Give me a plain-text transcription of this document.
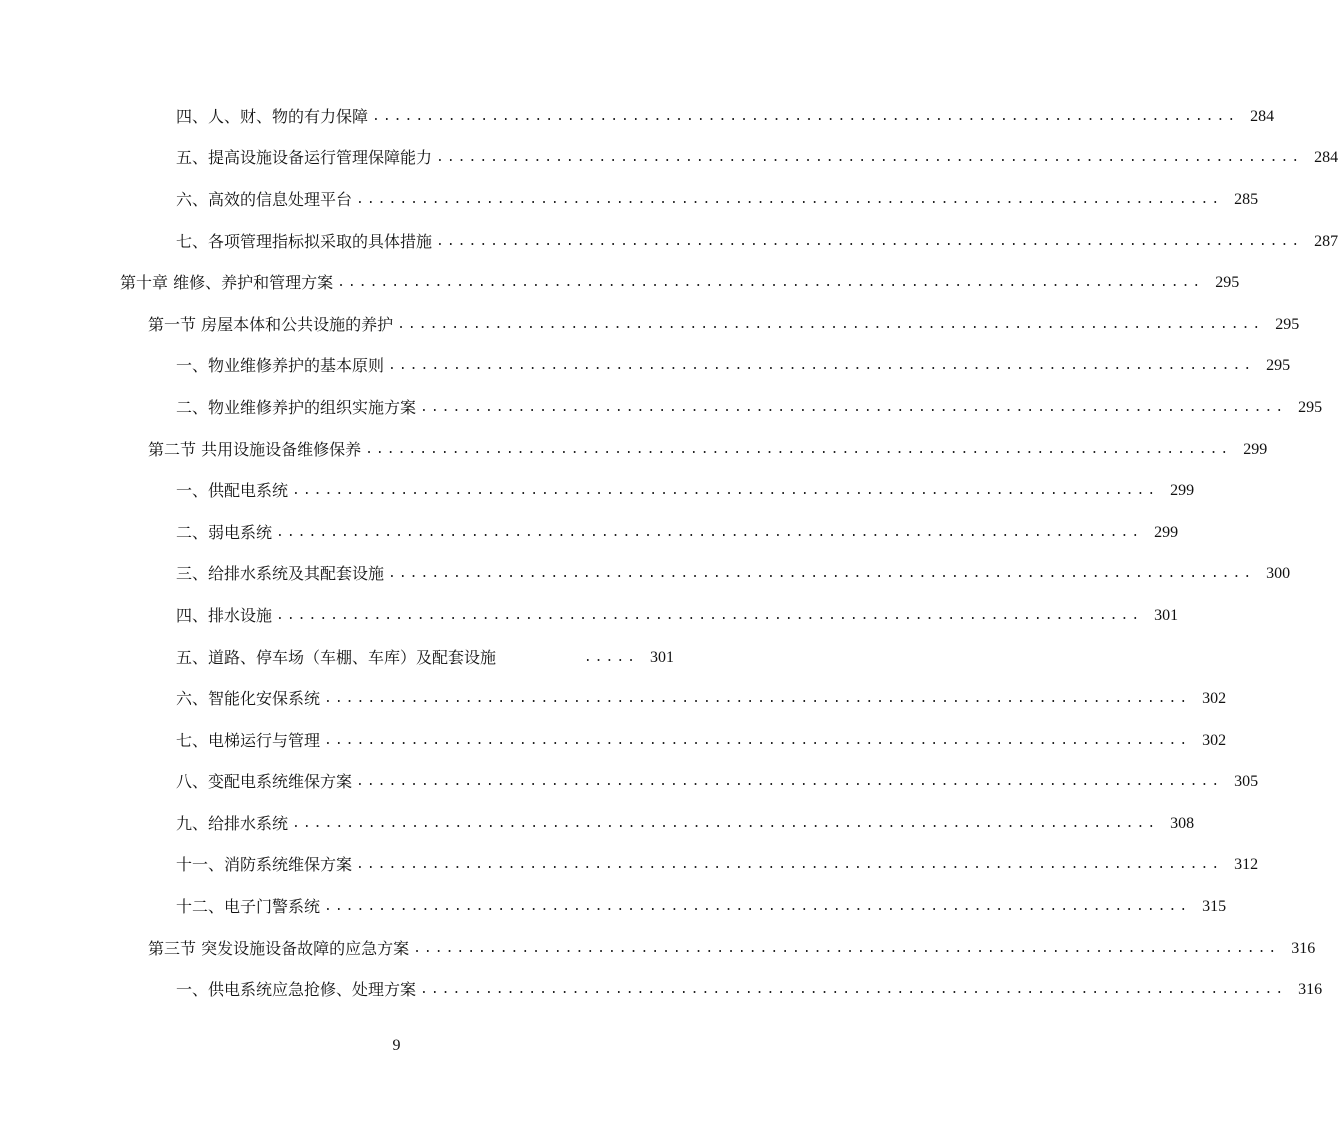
四、人、财、物的有力保障 ................................................................................ 284
五、提高设施设备运行管理保障能力 ................................................................................ 284
六、高效的信息处理平台 ................................................................................ 285
七、各项管理指标拟采取的具体措施 ................................................................................ 287
第十章 维修、养护和管理方案 ................................................................................ 295
第一节 房屋本体和公共设施的养护 ................................................................................ 295
一、物业维修养护的基本原则 ................................................................................ 295
二、物业维修养护的组织实施方案 ................................................................................ 295
第二节 共用设施设备维修保养 ................................................................................ 299
一、供配电系统 ................................................................................ 299
二、弱电系统 ................................................................................ 299
三、给排水系统及其配套设施 ................................................................................ 300
四、排水设施 ................................................................................ 301
五、道路、停车场（车棚、车库）及配套设施	..... 301
六、智能化安保系统 ................................................................................ 302
七、电梯运行与管理 ................................................................................ 302
八、变配电系统维保方案 ................................................................................ 305
九、给排水系统 ................................................................................ 308
十一、消防系统维保方案 ................................................................................ 312
十二、电子门警系统 ................................................................................ 315
第三节 突发设施设备故障的应急方案 ................................................................................ 316
一、供电系统应急抢修、处理方案 ................................................................................ 316
9
